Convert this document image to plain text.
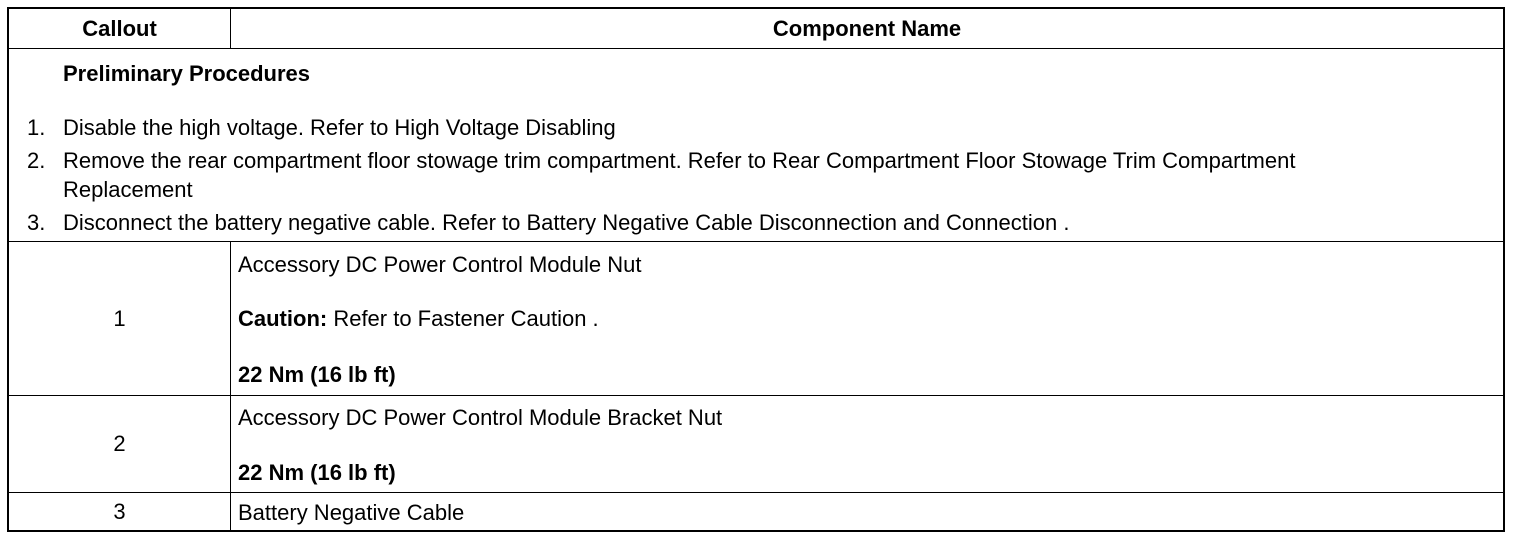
Callout	Component Name
Preliminary Procedures
1. Disable the high voltage. Refer to High Voltage Disabling
2. Remove the rear compartment floor stowage trim compartment. Refer to Rear Compartment Floor Stowage Trim Compartment
Replacement
3. Disconnect the battery negative cable. Refer to Battery Negative Cable Disconnection and Connection .
1
Accessory DC Power Control Module Nut
Caution: Refer to Fastener Caution .
22 Nm (16 lb ft)
2
Accessory DC Power Control Module Bracket Nut
22 Nm (16 lb ft)
3	Battery Negative Cable
